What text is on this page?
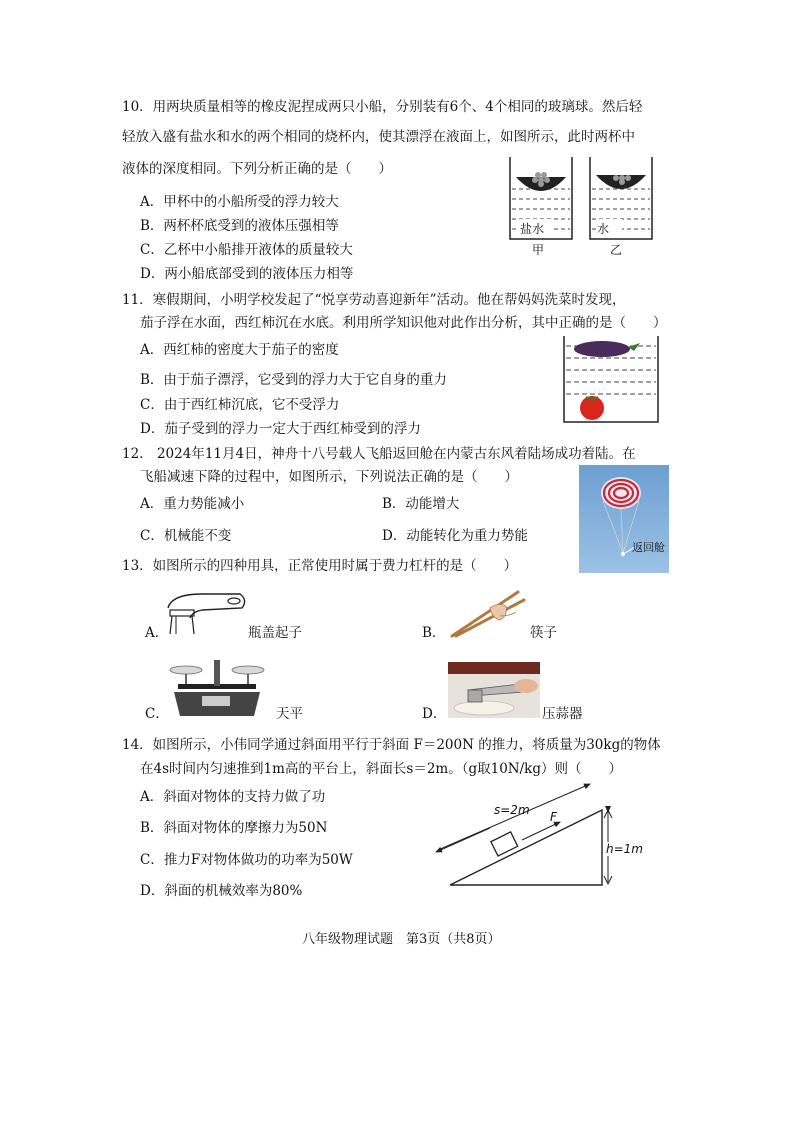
10．用两块质量相等的橡皮泥捏成两只小船，分别装有6个、4个相同的玻璃球。然后轻
轻放入盛有盐水和水的两个相同的烧杯内，使其漂浮在液面上，如图所示，此时两杯中
液体的深度相同。下列分析正确的是（　　）
A．甲杯中的小船所受的浮力较大
B．两杯杯底受到的液体压强相等
C．乙杯中小船排开液体的质量较大
D．两小船底部受到的液体压力相等
盐水	水
甲	乙
11．寒假期间，小明学校发起了“悦享劳动喜迎新年”活动。他在帮妈妈洗菜时发现，
茄子浮在水面，西红柿沉在水底。利用所学知识他对此作出分析，其中正确的是（　　）
A．西红柿的密度大于茄子的密度
B．由于茄子漂浮，它受到的浮力大于它自身的重力
C．由于西红柿沉底，它不受浮力
D．茄子受到的浮力一定大于西红柿受到的浮力
12． 2024年11月4日，神舟十八号载人飞船返回舱在内蒙古东风着陆场成功着陆。在
飞船减速下降的过程中，如图所示，下列说法正确的是（　　）
A．重力势能减小	B．动能增大
C．机械能不变	D．动能转化为重力势能
返回舱
13．如图所示的四种用具，正常使用时属于费力杠杆的是（　　）
A．	瓶盖起子	B．	筷子
C．	天平	D．	压蒜器
14．如图所示，小伟同学通过斜面用平行于斜面 F＝200N 的推力，将质量为30kg的物体
在4s时间内匀速推到1m高的平台上，斜面长s＝2m。（g取10N/kg）则（　　）
A．斜面对物体的支持力做了功
B．斜面对物体的摩擦力为50N
C．推力F对物体做功的功率为50W
D．斜面的机械效率为80%
s=2m F
h=1m
八年级物理试题　第3页（共8页）
